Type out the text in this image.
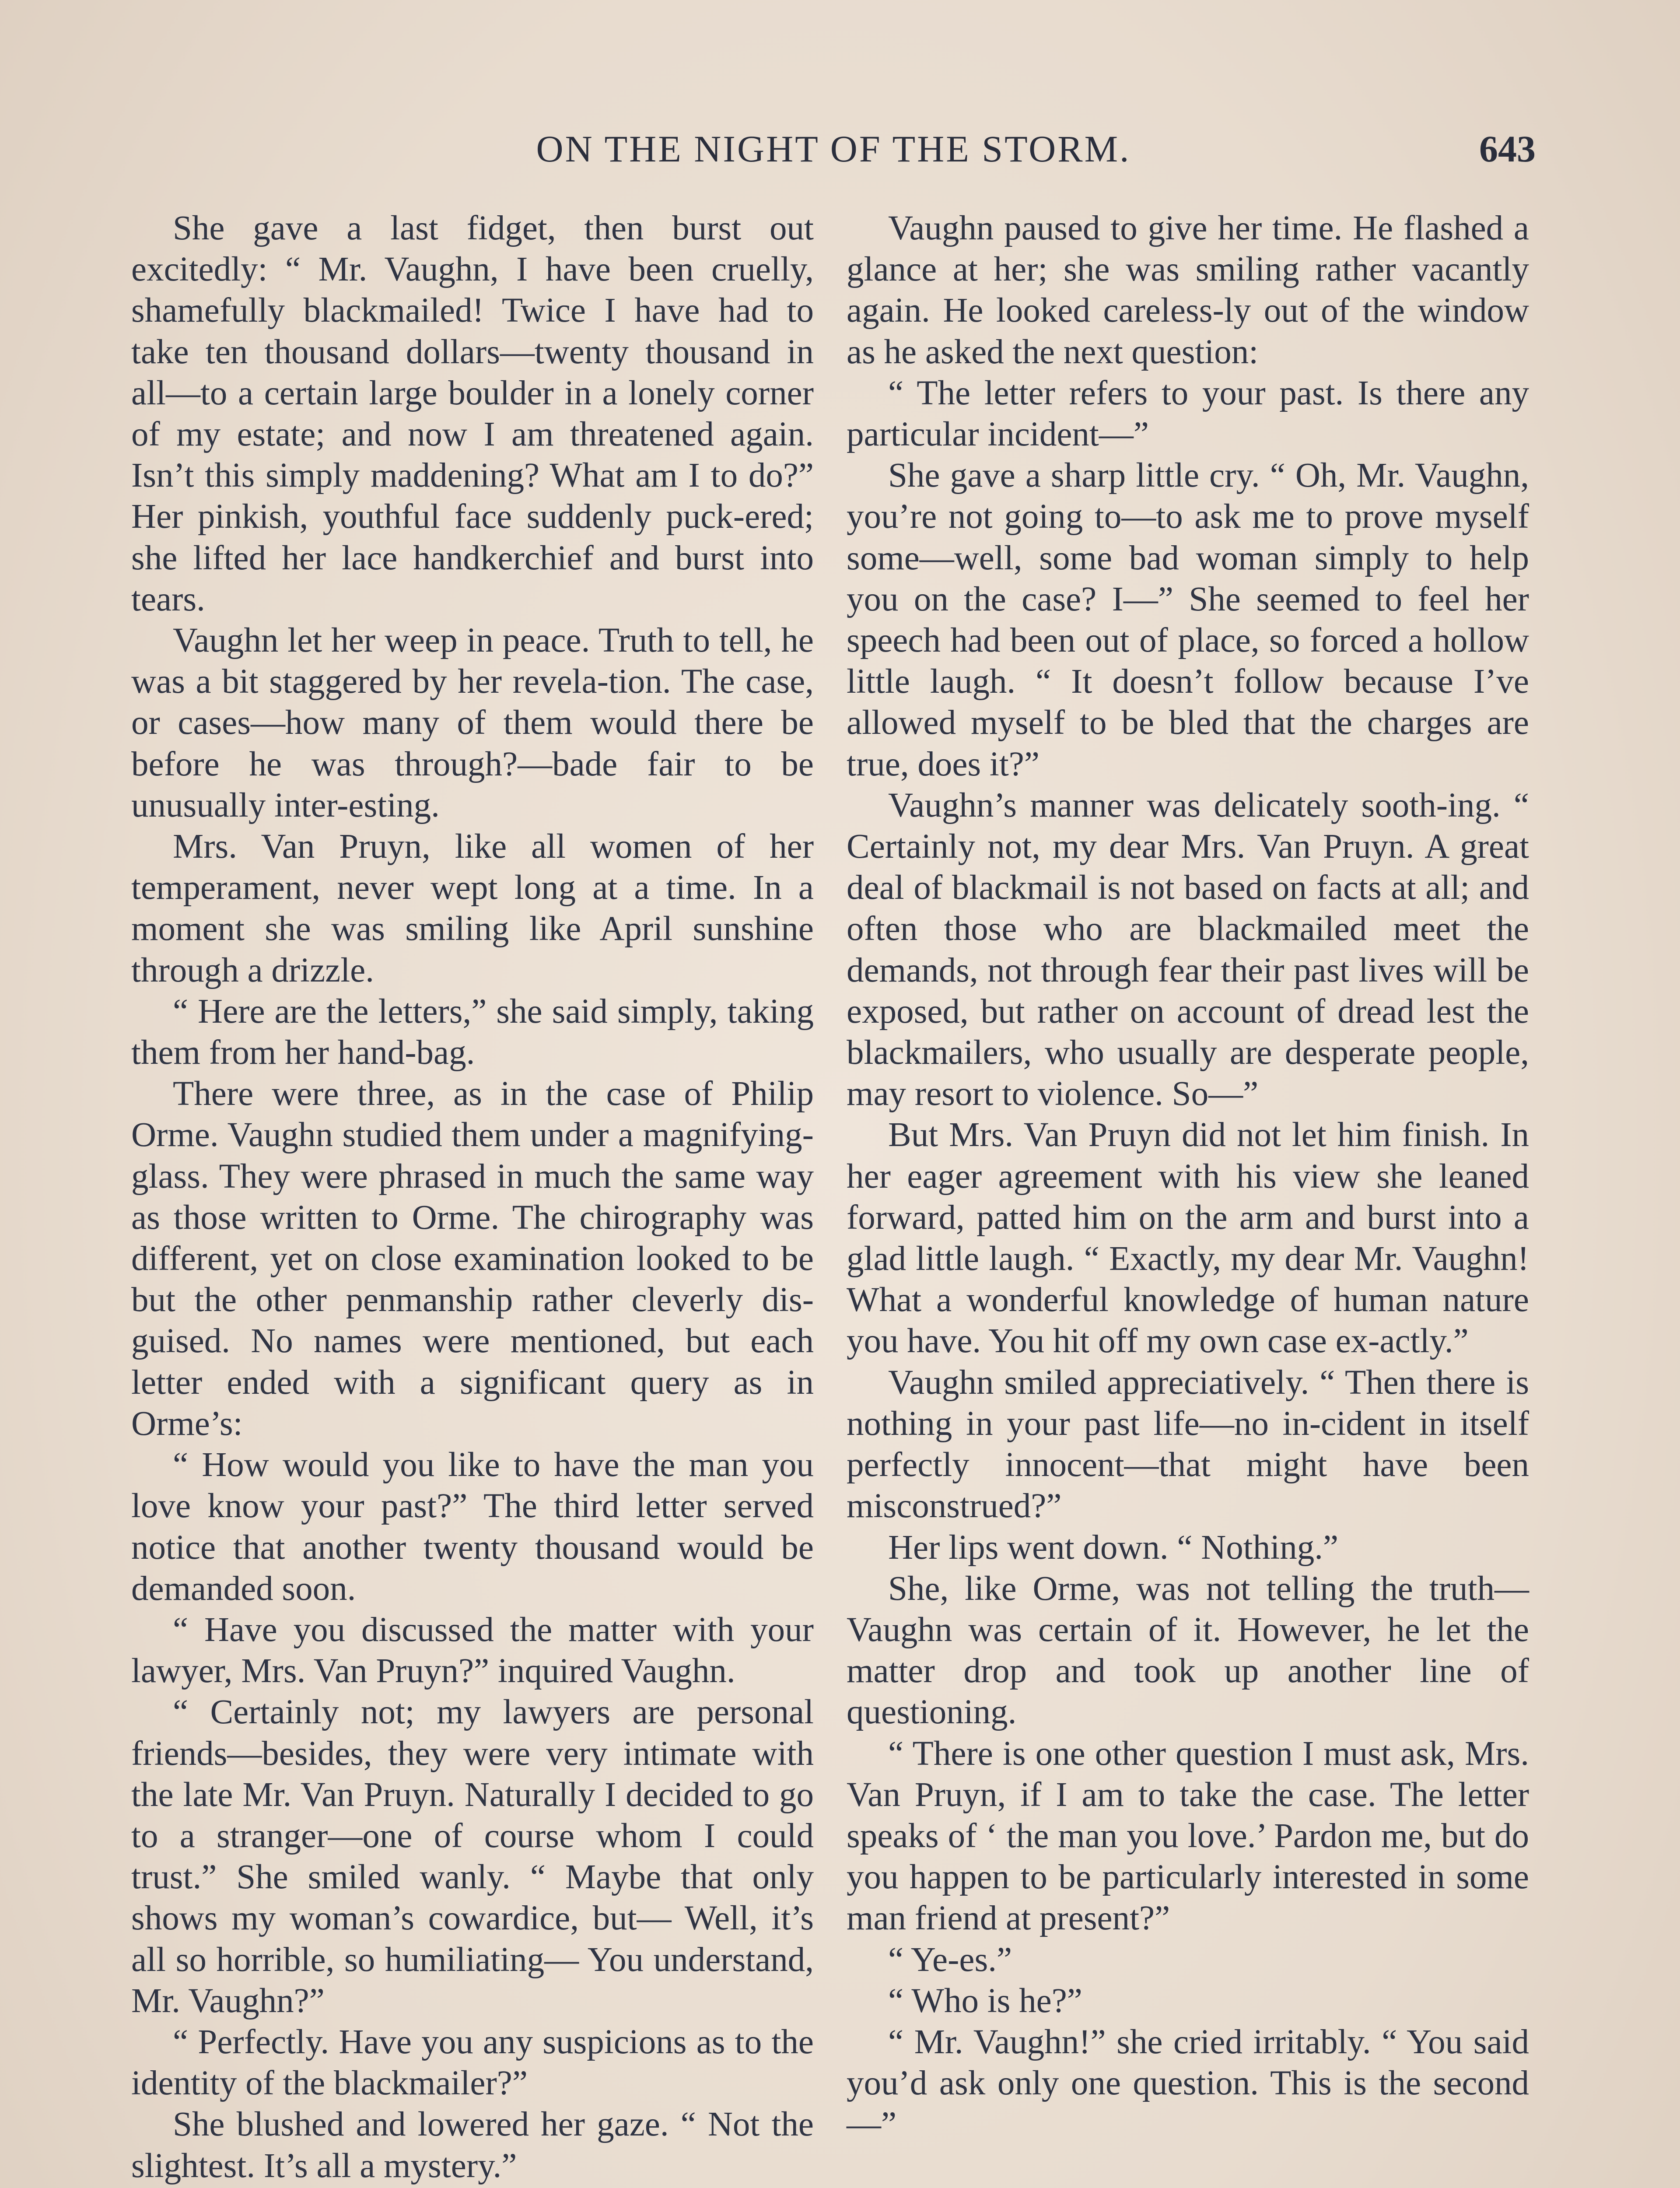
ON THE NIGHT OF THE STORM.	643

She gave a last fidget, then burst out excitedly: “ Mr. Vaughn, I have been cruelly, shamefully blackmailed! Twice I have had to take ten thousand dollars—twenty thousand in all—to a certain large boulder in a lonely corner of my estate; and now I am threatened again. Isn’t this simply maddening? What am I to do?” Her pinkish, youthful face suddenly puck-ered; she lifted her lace handkerchief and burst into tears.

Vaughn let her weep in peace. Truth to tell, he was a bit staggered by her revela-tion. The case, or cases—how many of them would there be before he was through?—bade fair to be unusually inter-esting.

Mrs. Van Pruyn, like all women of her temperament, never wept long at a time. In a moment she was smiling like April sunshine through a drizzle.

“ Here are the letters,” she said simply, taking them from her hand-bag.

There were three, as in the case of Philip Orme. Vaughn studied them under a magnifying-glass. They were phrased in much the same way as those written to Orme. The chirography was different, yet on close examination looked to be but the other penmanship rather cleverly dis-guised. No names were mentioned, but each letter ended with a significant query as in Orme’s:

“ How would you like to have the man you love know your past?” The third letter served notice that another twenty thousand would be demanded soon.

“ Have you discussed the matter with your lawyer, Mrs. Van Pruyn?” inquired Vaughn.

“ Certainly not; my lawyers are personal friends—besides, they were very intimate with the late Mr. Van Pruyn. Naturally I decided to go to a stranger—one of course whom I could trust.” She smiled wanly. “ Maybe that only shows my woman’s cowardice, but— Well, it’s all so horrible, so humiliating— You understand, Mr. Vaughn?”

“ Perfectly. Have you any suspicions as to the identity of the blackmailer?”

She blushed and lowered her gaze. “ Not the slightest. It’s all a mystery.”

Vaughn paused to give her time. He flashed a glance at her; she was smiling rather vacantly again. He looked careless-ly out of the window as he asked the next question:

“ The letter refers to your past. Is there any particular incident—”

She gave a sharp little cry. “ Oh, Mr. Vaughn, you’re not going to—to ask me to prove myself some—well, some bad woman simply to help you on the case? I—” She seemed to feel her speech had been out of place, so forced a hollow little laugh. “ It doesn’t follow because I’ve allowed myself to be bled that the charges are true, does it?”

Vaughn’s manner was delicately sooth-ing. “ Certainly not, my dear Mrs. Van Pruyn. A great deal of blackmail is not based on facts at all; and often those who are blackmailed meet the demands, not through fear their past lives will be exposed, but rather on account of dread lest the blackmailers, who usually are desperate people, may resort to violence. So—”

But Mrs. Van Pruyn did not let him finish. In her eager agreement with his view she leaned forward, patted him on the arm and burst into a glad little laugh. “ Exactly, my dear Mr. Vaughn! What a wonderful knowledge of human nature you have. You hit off my own case ex-actly.”

Vaughn smiled appreciatively. “ Then there is nothing in your past life—no in-cident in itself perfectly innocent—that might have been misconstrued?”

Her lips went down. “ Nothing.”

She, like Orme, was not telling the truth—Vaughn was certain of it. However, he let the matter drop and took up another line of questioning.

“ There is one other question I must ask, Mrs. Van Pruyn, if I am to take the case. The letter speaks of ‘ the man you love.’ Pardon me, but do you happen to be particularly interested in some man friend at present?”

“ Ye-es.”

“ Who is he?”

“ Mr. Vaughn!” she cried irritably. “ You said you’d ask only one question. This is the second—”
